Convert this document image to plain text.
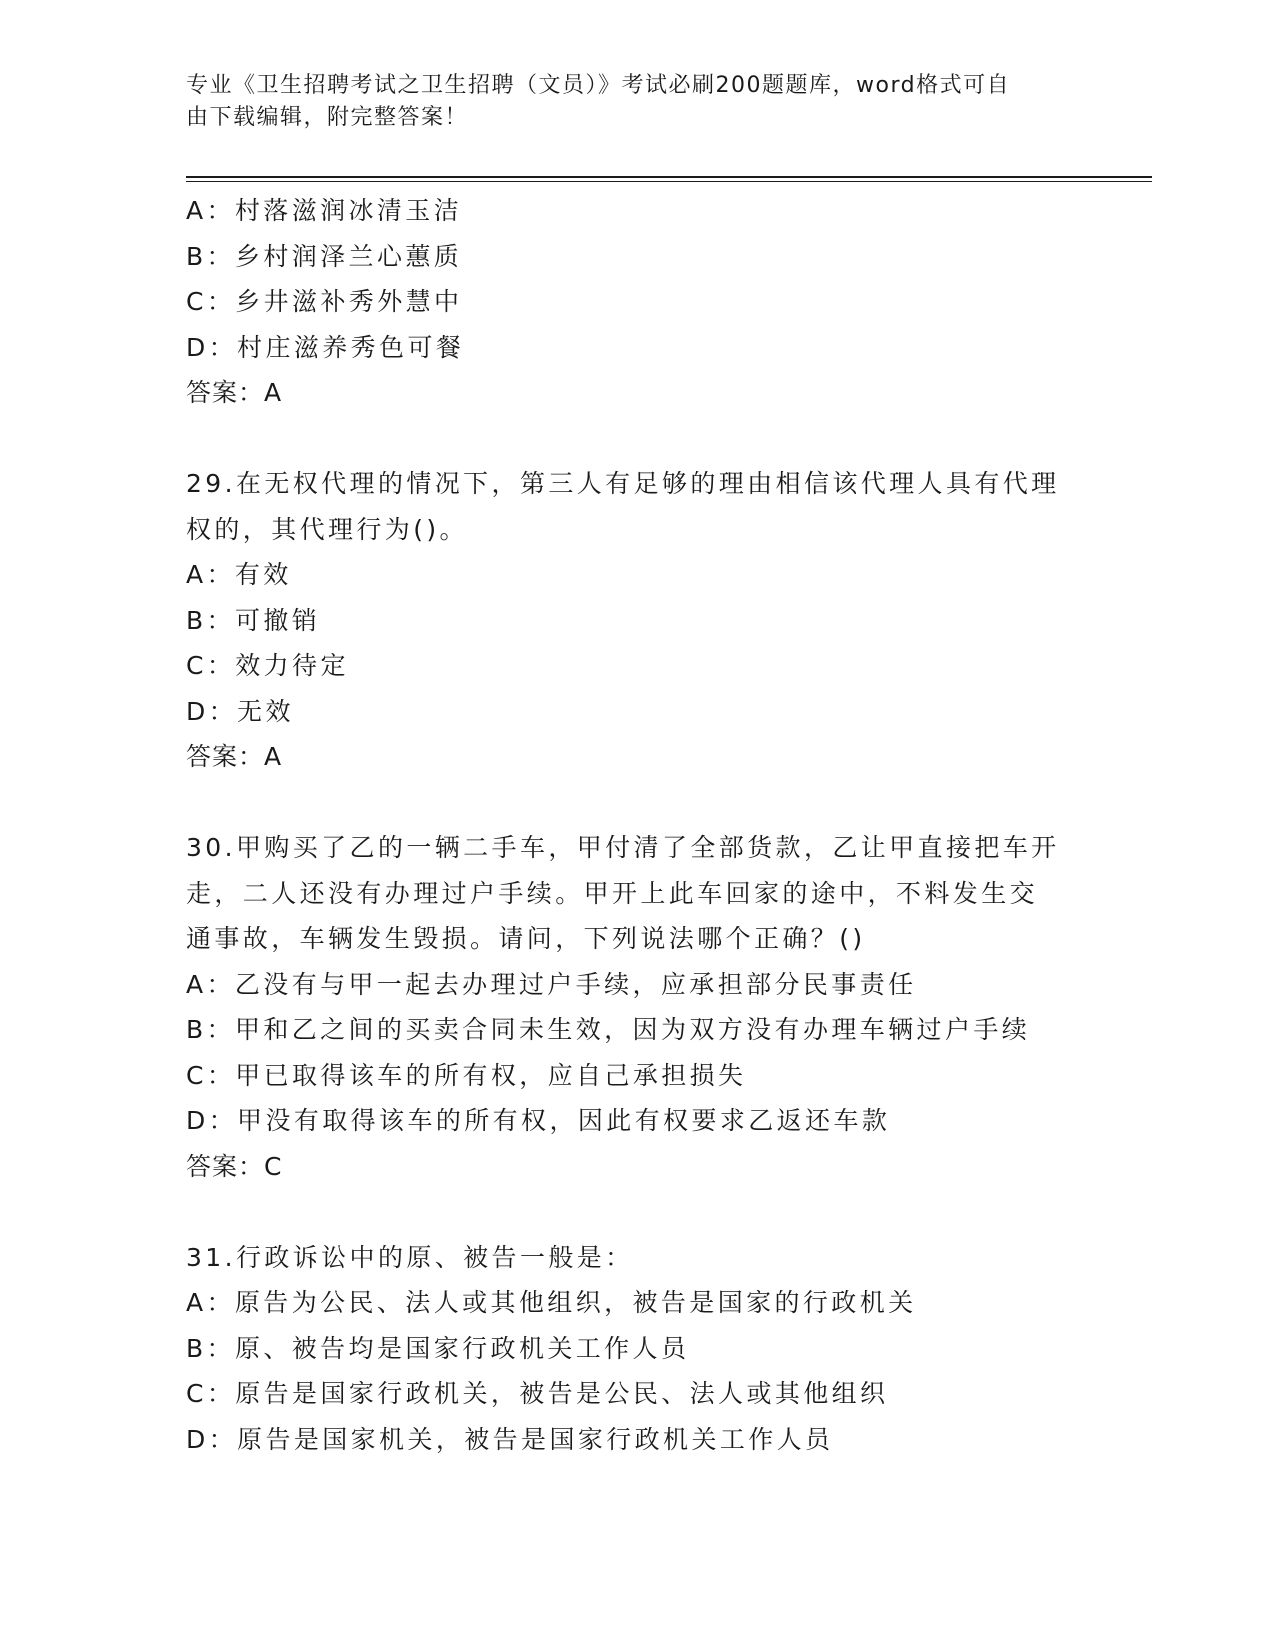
专业《卫生招聘考试之卫生招聘（文员）》考试必刷200题题库，word格式可自
由下载编辑，附完整答案！
A：村落滋润冰清玉洁
B：乡村润泽兰心蕙质
C：乡井滋补秀外慧中
D：村庄滋养秀色可餐
答案：A
29.在无权代理的情况下，第三人有足够的理由相信该代理人具有代理
权的，其代理行为()。
A：有效
B：可撤销
C：效力待定
D：无效
答案：A
30.甲购买了乙的一辆二手车，甲付清了全部货款，乙让甲直接把车开
走，二人还没有办理过户手续。甲开上此车回家的途中，不料发生交
通事故，车辆发生毁损。请问，下列说法哪个正确？()
A：乙没有与甲一起去办理过户手续，应承担部分民事责任
B：甲和乙之间的买卖合同未生效，因为双方没有办理车辆过户手续
C：甲已取得该车的所有权，应自己承担损失
D：甲没有取得该车的所有权，因此有权要求乙返还车款
答案：C
31.行政诉讼中的原、被告一般是：
A：原告为公民、法人或其他组织，被告是国家的行政机关
B：原、被告均是国家行政机关工作人员
C：原告是国家行政机关，被告是公民、法人或其他组织
D：原告是国家机关，被告是国家行政机关工作人员
